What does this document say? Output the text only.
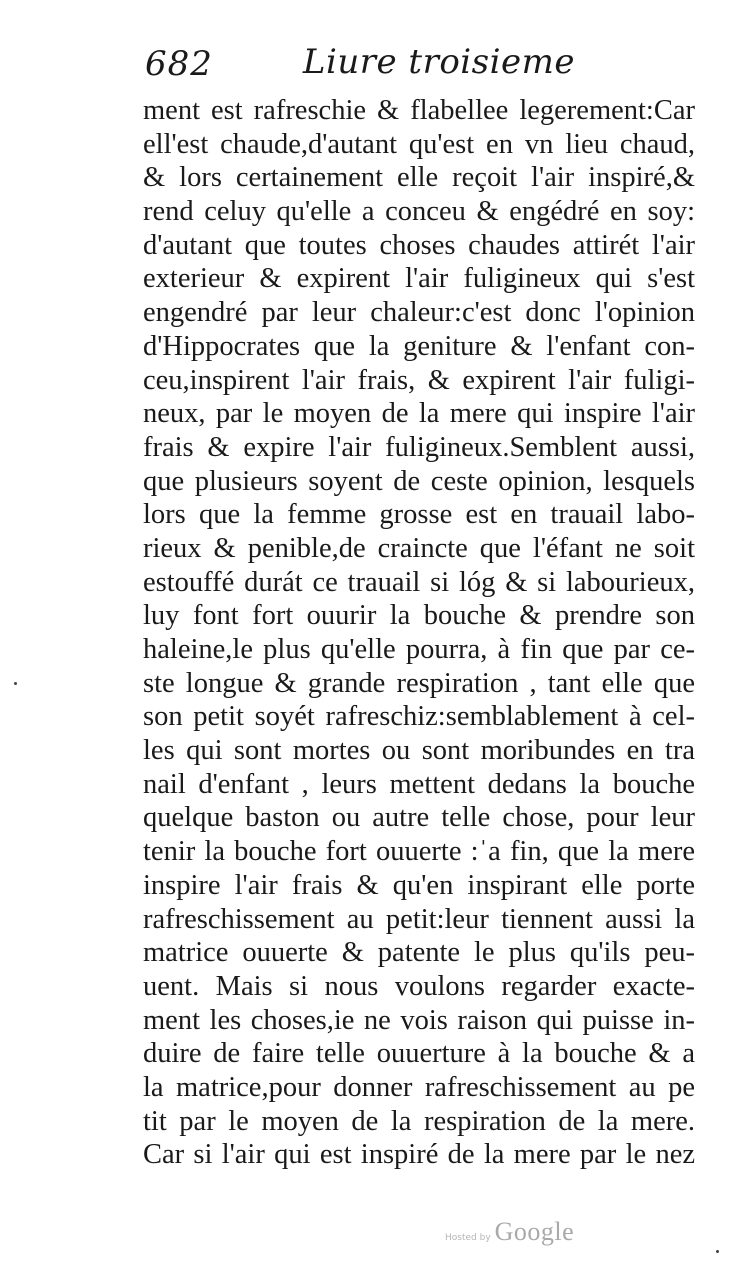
682	Liure troisieme
ment est rafreschie & flabellee legerement:Car
ell'est chaude,d'autant qu'est en vn lieu chaud,
& lors certainement elle reçoit l'air inspiré,&
rend celuy qu'elle a conceu & engédré en soy:
d'autant que toutes choses chaudes attirét l'air
exterieur & expirent l'air fuligineux qui s'est
engendré par leur chaleur:c'est donc l'opinion
d'Hippocrates que la geniture & l'enfant con-
ceu,inspirent l'air frais, & expirent l'air fuligi-
neux, par le moyen de la mere qui inspire l'air
frais & expire l'air fuligineux.Semblent aussi,
que plusieurs soyent de ceste opinion, lesquels
lors que la femme grosse est en trauail labo-
rieux & penible,de craincte que l'éfant ne soit
estouffé durát ce trauail si lóg & si labourieux,
luy font fort ouurir la bouche & prendre son
haleine,le plus qu'elle pourra, à fin que par ce-
ste longue & grande respiration , tant elle que
son petit soyét rafreschiz:semblablement à cel-
les qui sont mortes ou sont moribundes en tra
nail d'enfant , leurs mettent dedans la bouche
quelque baston ou autre telle chose, pour leur
tenir la bouche fort ouuerte :ˈa fin, que la mere
inspire l'air frais & qu'en inspirant elle porte
rafreschissement au petit:leur tiennent aussi la
matrice ouuerte & patente le plus qu'ils peu-
uent. Mais si nous voulons regarder exacte-
ment les choses,ie ne vois raison qui puisse in-
duire de faire telle ouuerture à la bouche & a
la matrice,pour donner rafreschissement au pe
tit par le moyen de la respiration de la mere.
Car si l'air qui est inspiré de la mere par le nez
Hosted by Google
